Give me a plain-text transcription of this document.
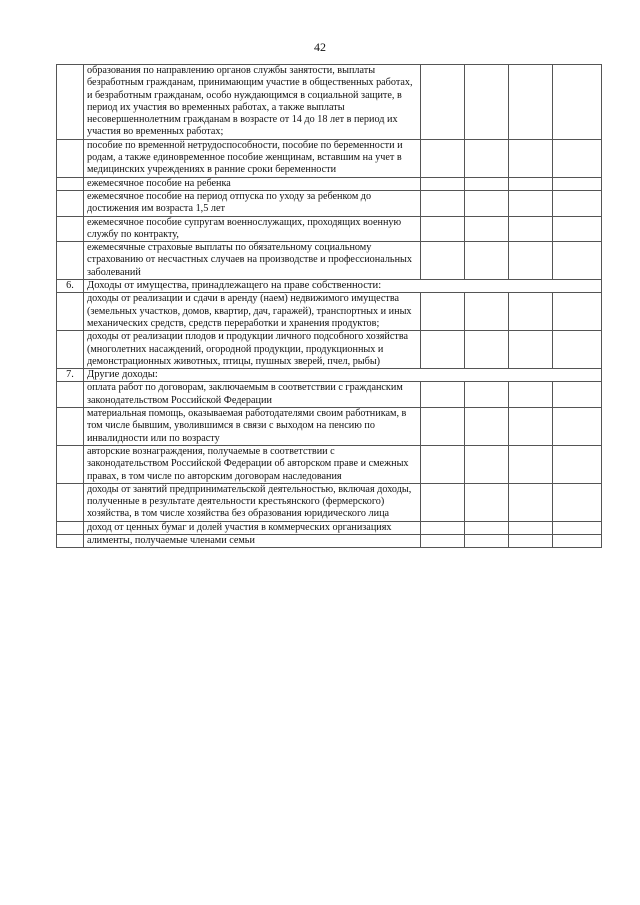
42
	образования по направлению органов службы занятости, выплаты безработным гражданам, принимающим участие в общественных работах, и безработным гражданам, особо нуждающимся в социальной защите, в период их участия во временных работах, а также выплаты несовершеннолетним гражданам в возрасте от 14 до 18 лет в период их участия во временных работах;				
	пособие по временной нетрудоспособности, пособие по беременности и родам, а также единовременное пособие женщинам, вставшим на учет в медицинских учреждениях в ранние сроки беременности				
	ежемесячное пособие на ребенка				
	ежемесячное пособие на период отпуска по уходу за ребенком до достижения им возраста 1,5 лет				
	ежемесячное пособие супругам военнослужащих, проходящих военную службу по контракту,				
	ежемесячные страховые выплаты по обязательному социальному страхованию от несчастных случаев на производстве и профессиональных заболеваний				
6.	Доходы от имущества, принадлежащего на праве собственности:				
	доходы от реализации и сдачи в аренду (наем) недвижимого имущества (земельных участков, домов, квартир, дач, гаражей), транспортных и иных механических средств, средств переработки и хранения продуктов;				
	доходы от реализации плодов и продукции личного подсобного хозяйства (многолетних насаждений, огородной продукции, продукционных и демонстрационных животных, птицы, пушных зверей, пчел, рыбы)				
7.	Другие доходы:				
	оплата работ по договорам, заключаемым в соответствии с гражданским законодательством Российской Федерации				
	материальная помощь, оказываемая работодателями своим работникам, в том числе бывшим, уволившимся в связи с выходом на пенсию по инвалидности или по возрасту				
	авторские вознаграждения, получаемые в соответствии с законодательством Российской Федерации об авторском праве и смежных правах, в том числе по авторским договорам наследования				
	доходы от занятий предпринимательской деятельностью, включая доходы, полученные в результате деятельности крестьянского (фермерского) хозяйства, в том числе хозяйства без образования юридического лица				
	доход от ценных бумаг и долей участия в коммерческих организациях				
	алименты, получаемые членами семьи				
